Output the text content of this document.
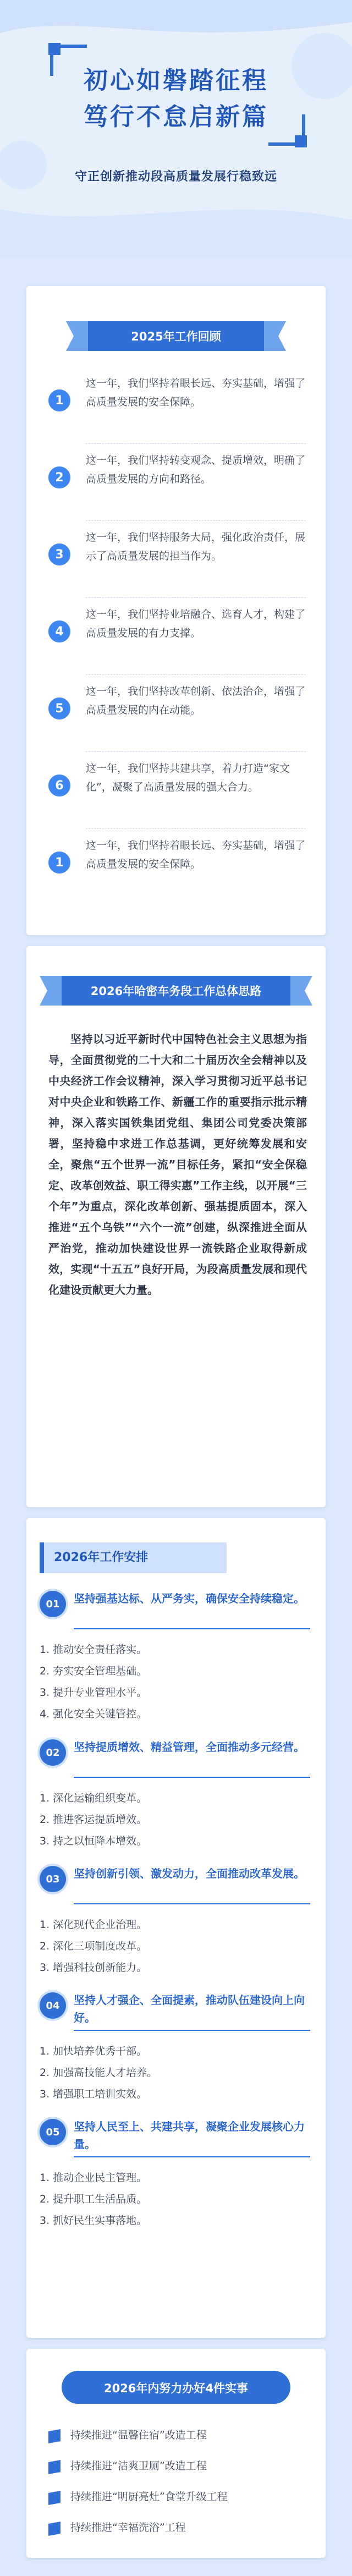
初心如磐踏征程
笃行不怠启新篇
守正创新推动段高质量发展行稳致远
2025年工作回顾
1
这一年，我们坚持着眼长远、夯实基础，增强了高质量发展的安全保障。
2
这一年，我们坚持转变观念、提质增效，明确了高质量发展的方向和路径。
3
这一年，我们坚持服务大局，强化政治责任，展示了高质量发展的担当作为。
4
这一年，我们坚持业培融合、选育人才，构建了高质量发展的有力支撑。
5
这一年，我们坚持改革创新、依法治企，增强了高质量发展的内在动能。
6
这一年，我们坚持共建共享，着力打造“家文化”，凝聚了高质量发展的强大合力。
1
这一年，我们坚持着眼长远、夯实基础，增强了高质量发展的安全保障。
2026年哈密车务段工作总体思路
坚持以习近平新时代中国特色社会主义思想为指导，全面贯彻党的二十大和二十届历次全会精神以及中央经济工作会议精神，深入学习贯彻习近平总书记对中央企业和铁路工作、新疆工作的重要指示批示精神，深入落实国铁集团党组、集团公司党委决策部署，坚持稳中求进工作总基调，更好统筹发展和安全，聚焦“五个世界一流”目标任务，紧扣“安全保稳定、改革创效益、职工得实惠”工作主线，以开展“三个年”为重点，深化改革创新、强基提质固本，深入推进“五个乌铁”“六个一流”创建，纵深推进全面从严治党，推动加快建设世界一流铁路企业取得新成效，实现“十五五”良好开局，为段高质量发展和现代化建设贡献更大力量。
2026年工作安排
01	坚持强基达标、从严务实，确保安全持续稳定。
1. 推动安全责任落实。
2. 夯实安全管理基础。
3. 提升专业管理水平。
4. 强化安全关键管控。
02	坚持提质增效、精益管理，全面推动多元经营。
1. 深化运输组织变革。
2. 推进客运提质增效。
3. 持之以恒降本增效。
03	坚持创新引领、激发动力，全面推动改革发展。
1. 深化现代企业治理。
2. 深化三项制度改革。
3. 增强科技创新能力。
04	坚持人才强企、全面提素，推动队伍建设向上向好。
1. 加快培养优秀干部。
2. 加强高技能人才培养。
3. 增强职工培训实效。
05	坚持人民至上、共建共享，凝聚企业发展核心力量。
1. 推动企业民主管理。
2. 提升职工生活品质。
3. 抓好民生实事落地。
2026年内努力办好4件实事
持续推进“温馨住宿”改造工程
持续推进“洁爽卫厕”改造工程
持续推进“明厨亮灶”食堂升级工程
持续推进“幸福洗浴”工程
